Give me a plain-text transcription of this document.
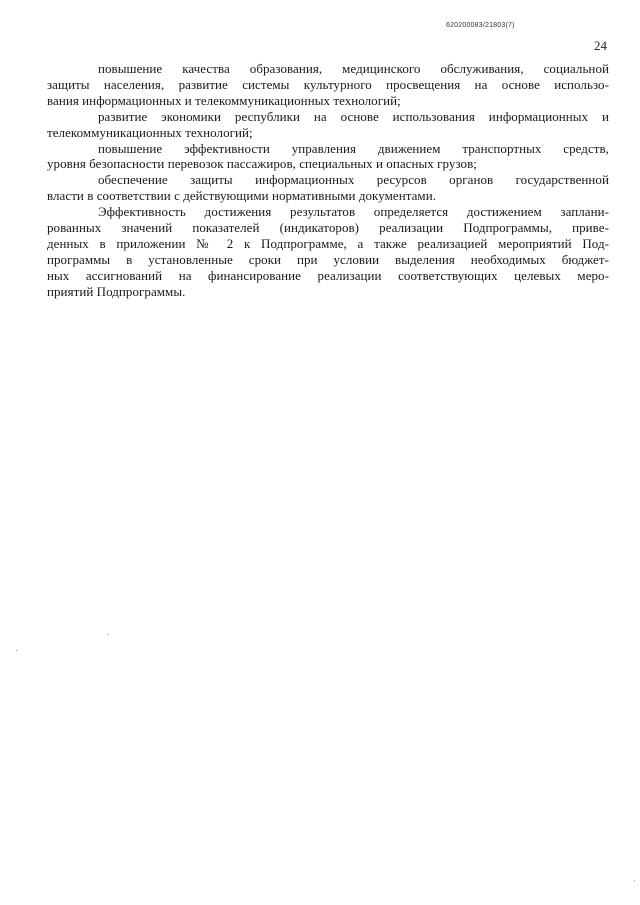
620200083/21803(7)
24
повышение качества образования, медицинского обслуживания, социальной
защиты населения, развитие системы культурного просвещения на основе использо-
вания информационных и телекоммуникационных технологий;
развитие экономики республики на основе использования информационных и
телекоммуникационных технологий;
повышение эффективности управления движением транспортных средств,
уровня безопасности перевозок пассажиров, специальных и опасных грузов;
обеспечение защиты информационных ресурсов органов государственной
власти в соответствии с действующими нормативными документами.
Эффективность достижения результатов определяется достижением заплани-
рованных значений показателей (индикаторов) реализации Подпрограммы, приве-
денных в приложении № 2 к Подпрограмме, а также реализацией мероприятий Под-
программы в установленные сроки при условии выделения необходимых бюджет-
ных ассигнований на финансирование реализации соответствующих целевых меро-
приятий Подпрограммы.
